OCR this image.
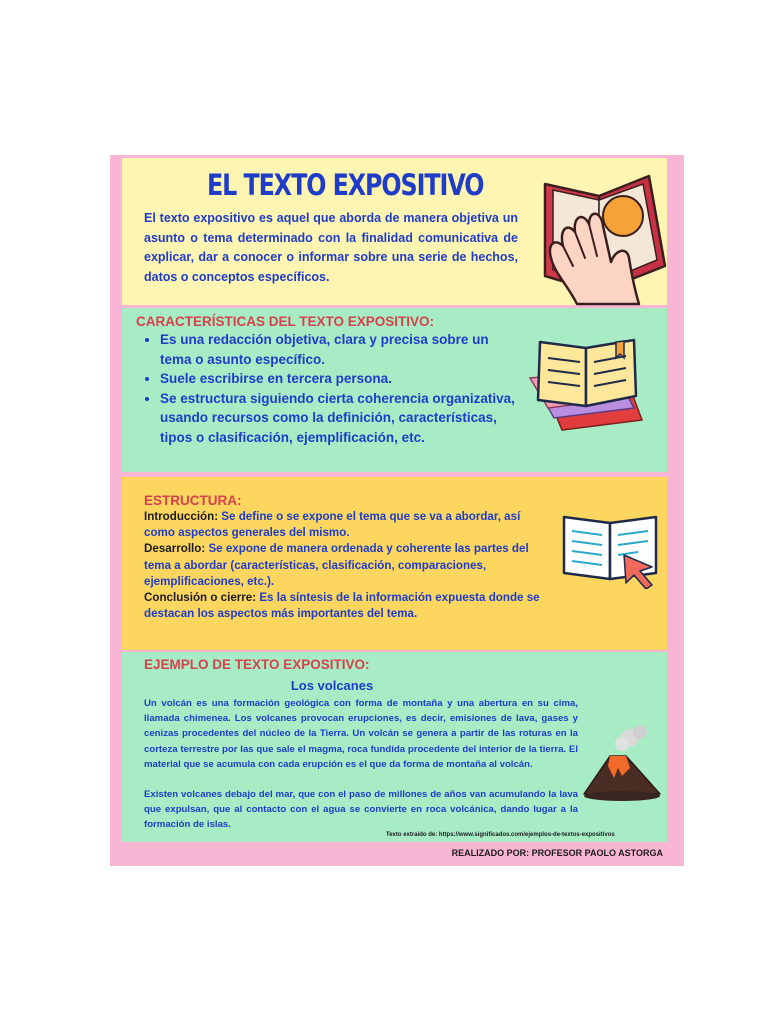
EL TEXTO EXPOSITIVO

El texto expositivo es aquel que aborda de manera objetiva un asunto o tema determinado con la finalidad comunicativa de explicar, dar a conocer o informar sobre una serie de hechos, datos o conceptos específicos.

CARACTERÍSTICAS DEL TEXTO EXPOSITIVO:
• Es una redacción objetiva, clara y precisa sobre un tema o asunto específico.
• Suele escribirse en tercera persona.
• Se estructura siguiendo cierta coherencia organizativa, usando recursos como la definición, características, tipos o clasificación, ejemplificación, etc.
ESTRUCTURA:

Introducción: Se define o se expone el tema que se va a abordar, así como aspectos generales del mismo.
Desarrollo: Se expone de manera ordenada y coherente las partes del tema a abordar (características, clasificación, comparaciones, ejemplificaciones, etc.).
Conclusión o cierre: Es la síntesis de la información expuesta donde se destacan los aspectos más importantes del tema.

EJEMPLO DE TEXTO EXPOSITIVO:
Los volcanes

Un volcán es una formación geológica con forma de montaña y una abertura en su cima, llamada chimenea. Los volcanes provocan erupciones, es decir, emisiones de lava, gases y cenizas procedentes del núcleo de la Tierra. Un volcán se genera a partir de las roturas en la corteza terrestre por las que sale el magma, roca fundida procedente del interior de la tierra. El material que se acumula con cada erupción es el que da forma de montaña al volcán.

Existen volcanes debajo del mar, que con el paso de millones de años van acumulando la lava que expulsan, que al contacto con el agua se convierte en roca volcánica, dando lugar a la formación de islas.

Texto extraído de: https://www.significados.com/ejemplos-de-textos-expositivos

REALIZADO POR: PROFESOR PAOLO ASTORGA
